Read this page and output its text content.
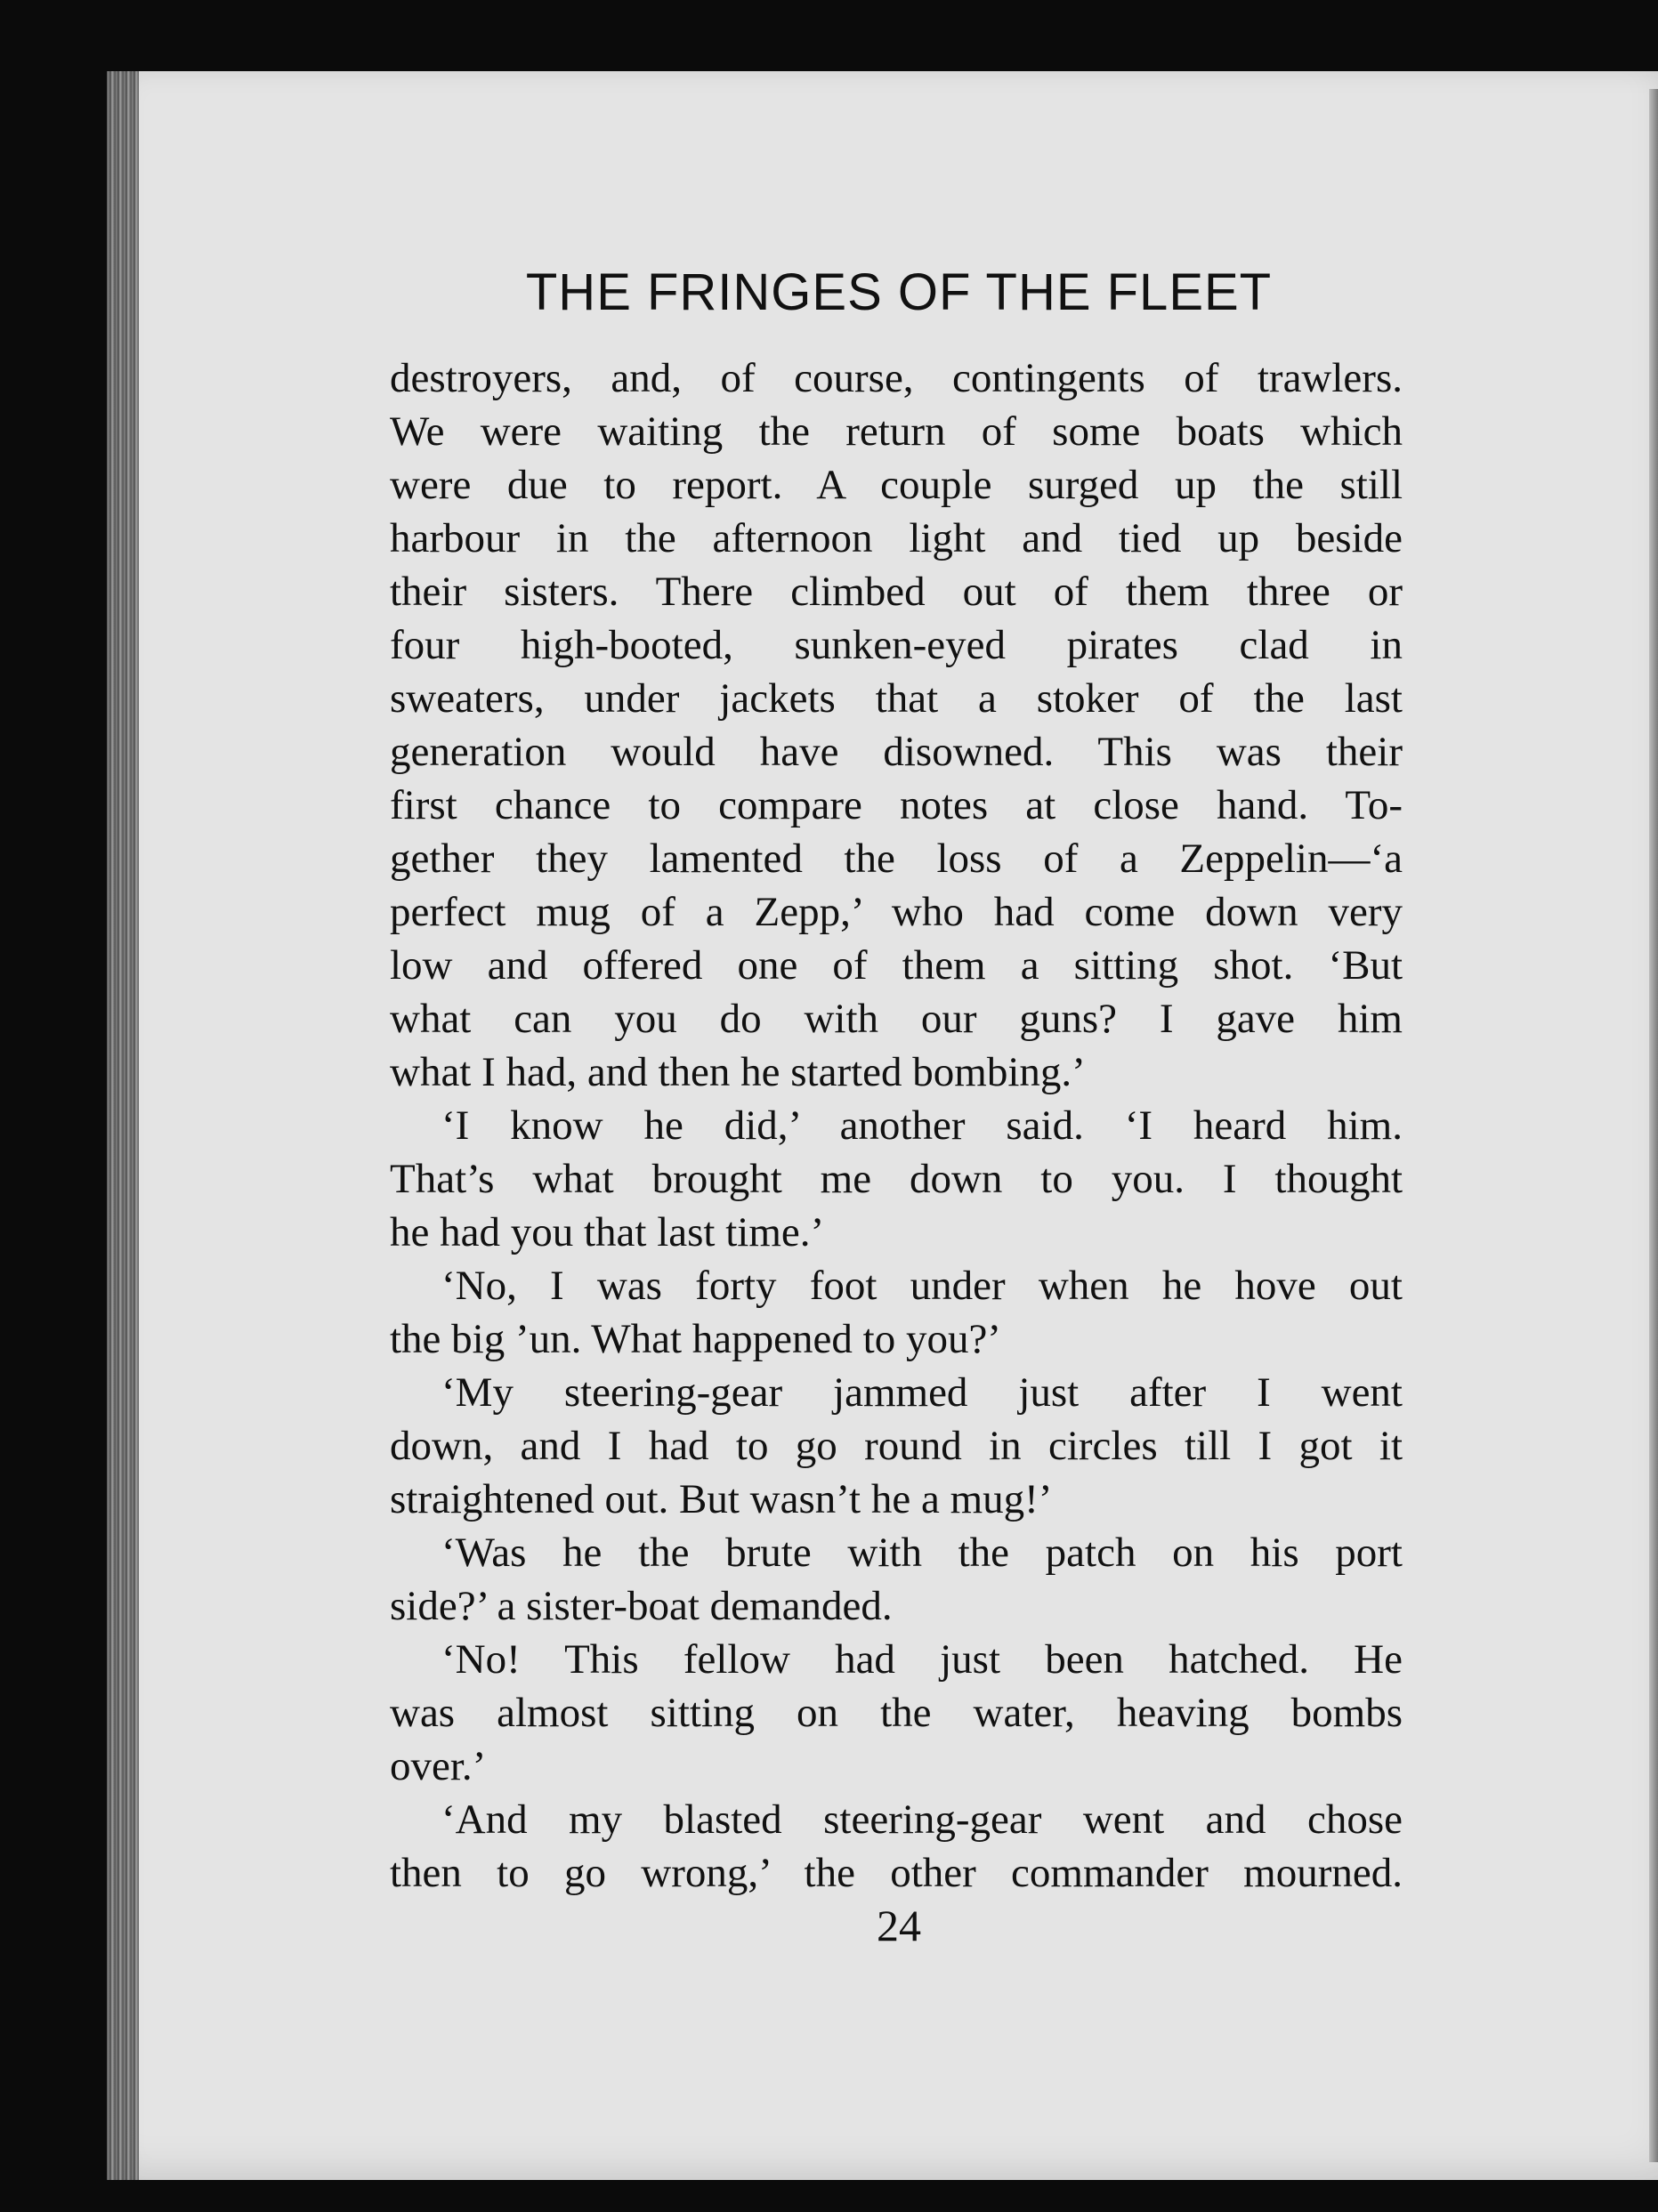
THE FRINGES OF THE FLEET
destroyers, and, of course, contingents of trawlers.
We were waiting the return of some boats which
were due to report. A couple surged up the still
harbour in the afternoon light and tied up beside
their sisters. There climbed out of them three or
four high-booted, sunken-eyed pirates clad in
sweaters, under jackets that a stoker of the last
generation would have disowned. This was their
first chance to compare notes at close hand. To-
gether they lamented the loss of a Zeppelin—‘a
perfect mug of a Zepp,’ who had come down very
low and offered one of them a sitting shot. ‘But
what can you do with our guns? I gave him
what I had, and then he started bombing.’
‘I know he did,’ another said. ‘I heard him.
That’s what brought me down to you. I thought
he had you that last time.’
‘No, I was forty foot under when he hove out
the big ’un. What happened to you?’
‘My steering-gear jammed just after I went
down, and I had to go round in circles till I got it
straightened out. But wasn’t he a mug!’
‘Was he the brute with the patch on his port
side?’ a sister-boat demanded.
‘No! This fellow had just been hatched. He
was almost sitting on the water, heaving bombs
over.’
‘And my blasted steering-gear went and chose
then to go wrong,’ the other commander mourned.
24
